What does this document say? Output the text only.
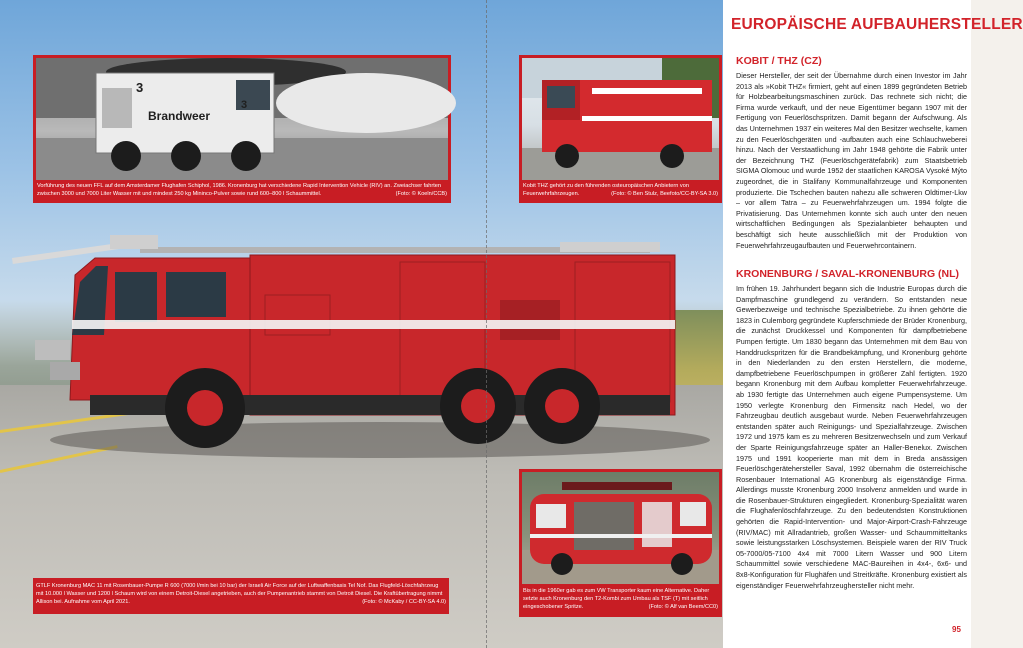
Brandweer
3
3

Vorführung des neuen FFL auf dem Amsterdamer Flughafen Schiphol, 1986. Kronenburg hat verschiedene Rapid Intervention Vehicle (RIV) an. Zweiachser fahrten zwischen 3000 und 7000 Liter Wasser mit und mindest 250 kg Mininco-Pulver sowie rund 600–800 l Schaummittel.	(Foto: © Koeln/CCB)

Kobit THZ gehört zu den führenden osteuropäischen Anbietern von Feuerwehrfahrzeugen.	(Foto: © Ben Stulz, Beefoto/CC-BY-SA 3.0)

GTLF Kronenburg MAC 11 mit Rosenbauer-Pumpe R 600 (7000 l/min bei 10 bar) der Israeli Air Force auf der Luftwaffenbasis Tel Nof. Das Flugfeld-Löschfahrzeug mit 10.000 l Wasser und 1200 l Schaum wird von einem Detroit-Diesel angetrieben, auch der Pumpenantrieb stammt von Detroit Diesel. Die Kraftübertragung nimmt Allison bei. Aufnahme vom April 2021.	(Foto: © McKaby / CC-BY-SA 4.0)

Bis in die 1960er gab es zum VW Transporter kaum eine Alternative. Daher setzte auch Kronenburg den T2-Kombi zum Umbau als TSF (T) mit seitlich eingeschobener Spritze.	(Foto: © Alf van Beem/CC0)

EUROPÄISCHE AUFBAUHERSTELLER
KOBIT / THZ (CZ)

Dieser Hersteller, der seit der Übernahme durch einen Investor im Jahr 2013 als »Kobit THZ« firmiert, geht auf einen 1899 gegründeten Betrieb für Holzbearbeitungsmaschinen zurück. Das rechnete sich nicht; die Firma wurde verkauft, und der neue Eigentümer begann 1907 mit der Fertigung von Feuerlöschspritzen. Damit begann der Aufschwung. Als das Unternehmen 1937 ein weiteres Mal den Besitzer wechselte, kamen zu den Feuerlöschgeräten und -aufbauten auch eine Schlauchweberei hinzu. Nach der Verstaatlichung im Jahr 1948 gehörte die Fabrik unter der Bezeichnung THZ (Feuerlöschgerätefabrik) zum Staatsbetrieb SIGMA Olomouc und wurde 1952 der staatlichen KAROSA Vysoké Mýto zugeordnet, die in Stalifany Kommunalfahrzeuge und Komponenten produzierte. Die Tschechen bauten nahezu alle schweren Oldtimer-Lkw – vor allem Tatra – zu Feuerwehrfahrzeugen um. 1994 folgte die Privatisierung. Das Unternehmen konnte sich auch unter den neuen wirtschaftlichen Bedingungen als Spezialanbieter behaupten und beschäftigt sich heute ausschließlich mit der Produktion von Feuerwehrfahrzeugaufbauten und Feuerwehrcontainern.

KRONENBURG / SAVAL-KRONENBURG (NL)

Im frühen 19. Jahrhundert begann sich die Industrie Europas durch die Dampfmaschine grundlegend zu verändern. So entstanden neue Gewerbezweige und technische Spezialbetriebe. Zu ihnen gehörte die 1823 in Culemborg gegründete Kupferschmiede der Brüder Kronenburg, die zunächst Druckkessel und Komponenten für dampfbetriebene Pumpen fertigte. Um 1830 begann das Unternehmen mit dem Bau von Handdruckspritzen für die Brandbekämpfung, und Kronenburg gehörte in den Niederlanden zu den ersten Herstellern, die moderne, dampfbetriebene Feuerlöschpumpen in größerer Zahl fertigten. 1920 begann Kronenburg mit dem Aufbau kompletter Feuerwehrfahrzeuge. ab 1930 fertigte das Unternehmen auch eigene Pumpensysteme. Um 1950 verlegte Kronenburg den Firmensitz nach Hedel, wo der Fahrzeugbau deutlich ausgebaut wurde. Neben Feuerwehrfahrzeugen entstanden später auch Reinigungs- und Spezialfahrzeuge. Zwischen 1972 und 1975 kam es zu mehreren Besitzerwechseln und zum Verkauf der Sparte Reinigungsfahrzeuge später an Haller-Benelux. Zwischen 1975 und 1991 kooperierte man mit dem in Breda ansässigen Feuerlöschgerätehersteller Saval, 1992 übernahm die österreichische Rosenbauer International AG Kronenburg als eigenständige Firma. Allerdings musste Kronenburg 2000 Insolvenz anmelden und wurde in die Rosenbauer-Strukturen eingegliedert. Kronenburg-Spezialität waren die Flughafenlöschfahrzeuge. Zu den bedeutendsten Konstruktionen gehörten die Rapid-Intervention- und Major-Airport-Crash-Fahrzeuge (RIV/MAC) mit Allradantrieb, großen Wasser- und Schaummitteltanks sowie leistungsstarken Löschsystemen. Beispiele waren der RIV Truck 05-7000/05-7100 4x4 mit 7000 Litern Wasser und 900 Litern Schaummittel sowie verschiedene MAC-Baureihen in 4x4-, 6x6- und 8x8-Konfiguration für Flughäfen und Streitkräfte. Kronenburg existiert als eigenständiger Feuerwehrfahrzeughersteller nicht mehr.

95
